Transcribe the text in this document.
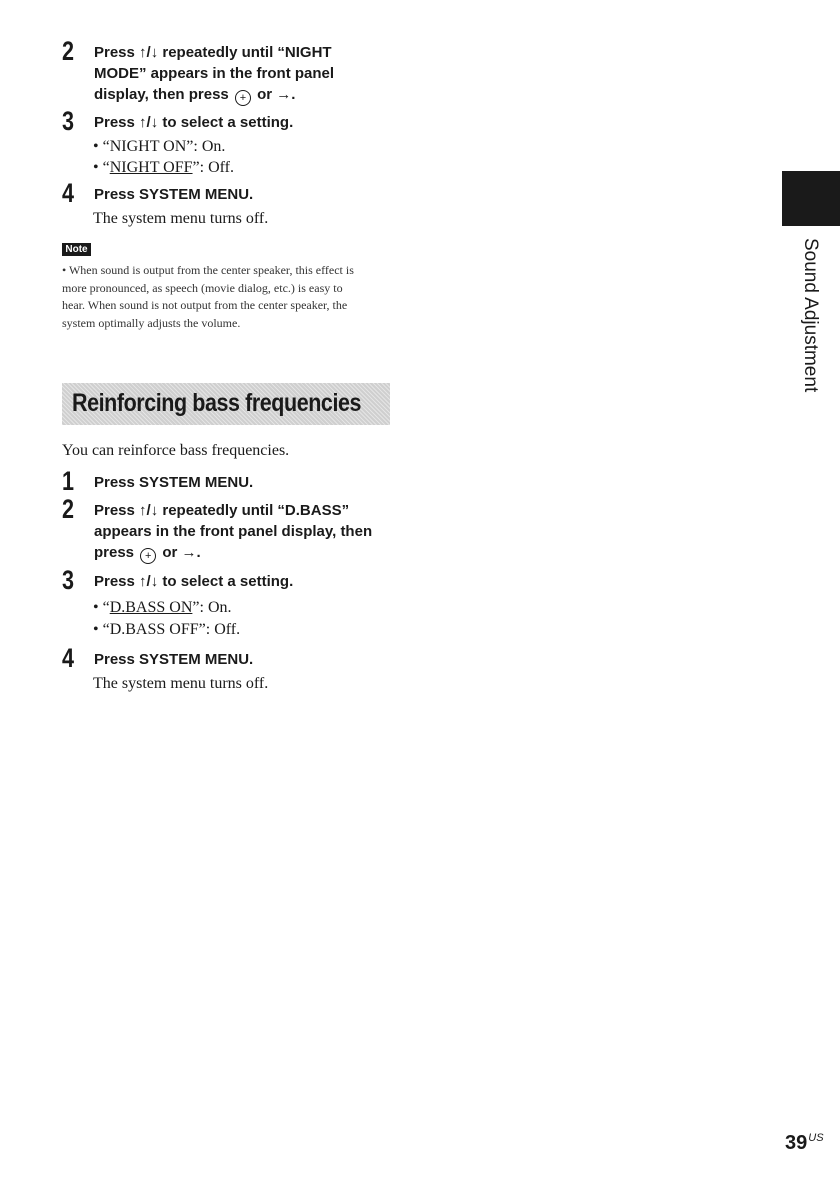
2 Press ↑/↓ repeatedly until “NIGHT MODE” appears in the front panel display, then press + or →.
3 Press ↑/↓ to select a setting.
• “NIGHT ON”: On.
• “NIGHT OFF”: Off.
4 Press SYSTEM MENU.
The system menu turns off.
Note
• When sound is output from the center speaker, this effect is more pronounced, as speech (movie dialog, etc.) is easy to hear. When sound is not output from the center speaker, the system optimally adjusts the volume.
Reinforcing bass frequencies
You can reinforce bass frequencies.
1 Press SYSTEM MENU.
2 Press ↑/↓ repeatedly until “D.BASS” appears in the front panel display, then press + or →.
3 Press ↑/↓ to select a setting.
• “D.BASS ON”: On.
• “D.BASS OFF”: Off.
4 Press SYSTEM MENU.
The system menu turns off.
Sound Adjustment
$39^{US}$
